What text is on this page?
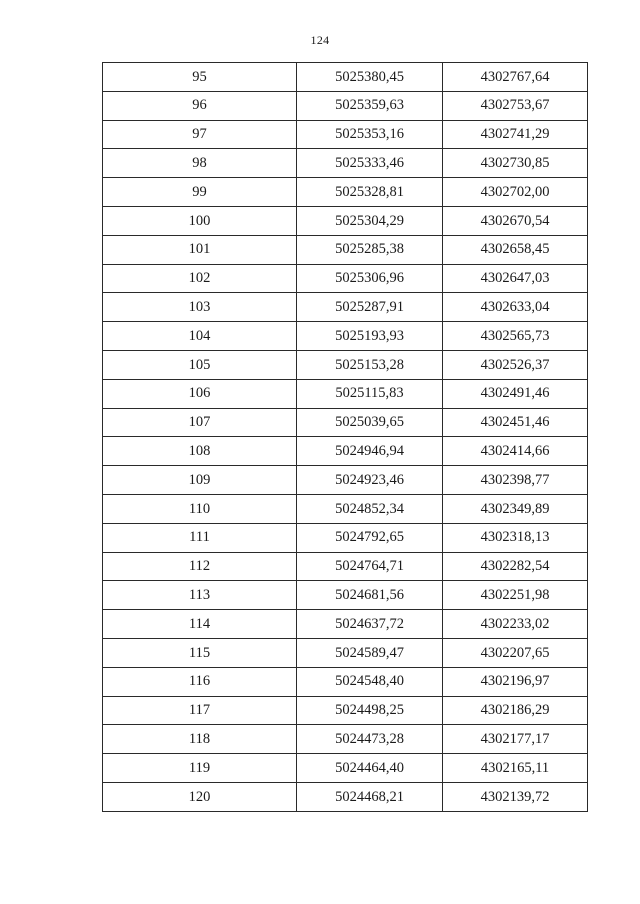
124
95	5025380,45	4302767,64
96	5025359,63	4302753,67
97	5025353,16	4302741,29
98	5025333,46	4302730,85
99	5025328,81	4302702,00
100	5025304,29	4302670,54
101	5025285,38	4302658,45
102	5025306,96	4302647,03
103	5025287,91	4302633,04
104	5025193,93	4302565,73
105	5025153,28	4302526,37
106	5025115,83	4302491,46
107	5025039,65	4302451,46
108	5024946,94	4302414,66
109	5024923,46	4302398,77
110	5024852,34	4302349,89
111	5024792,65	4302318,13
112	5024764,71	4302282,54
113	5024681,56	4302251,98
114	5024637,72	4302233,02
115	5024589,47	4302207,65
116	5024548,40	4302196,97
117	5024498,25	4302186,29
118	5024473,28	4302177,17
119	5024464,40	4302165,11
120	5024468,21	4302139,72
